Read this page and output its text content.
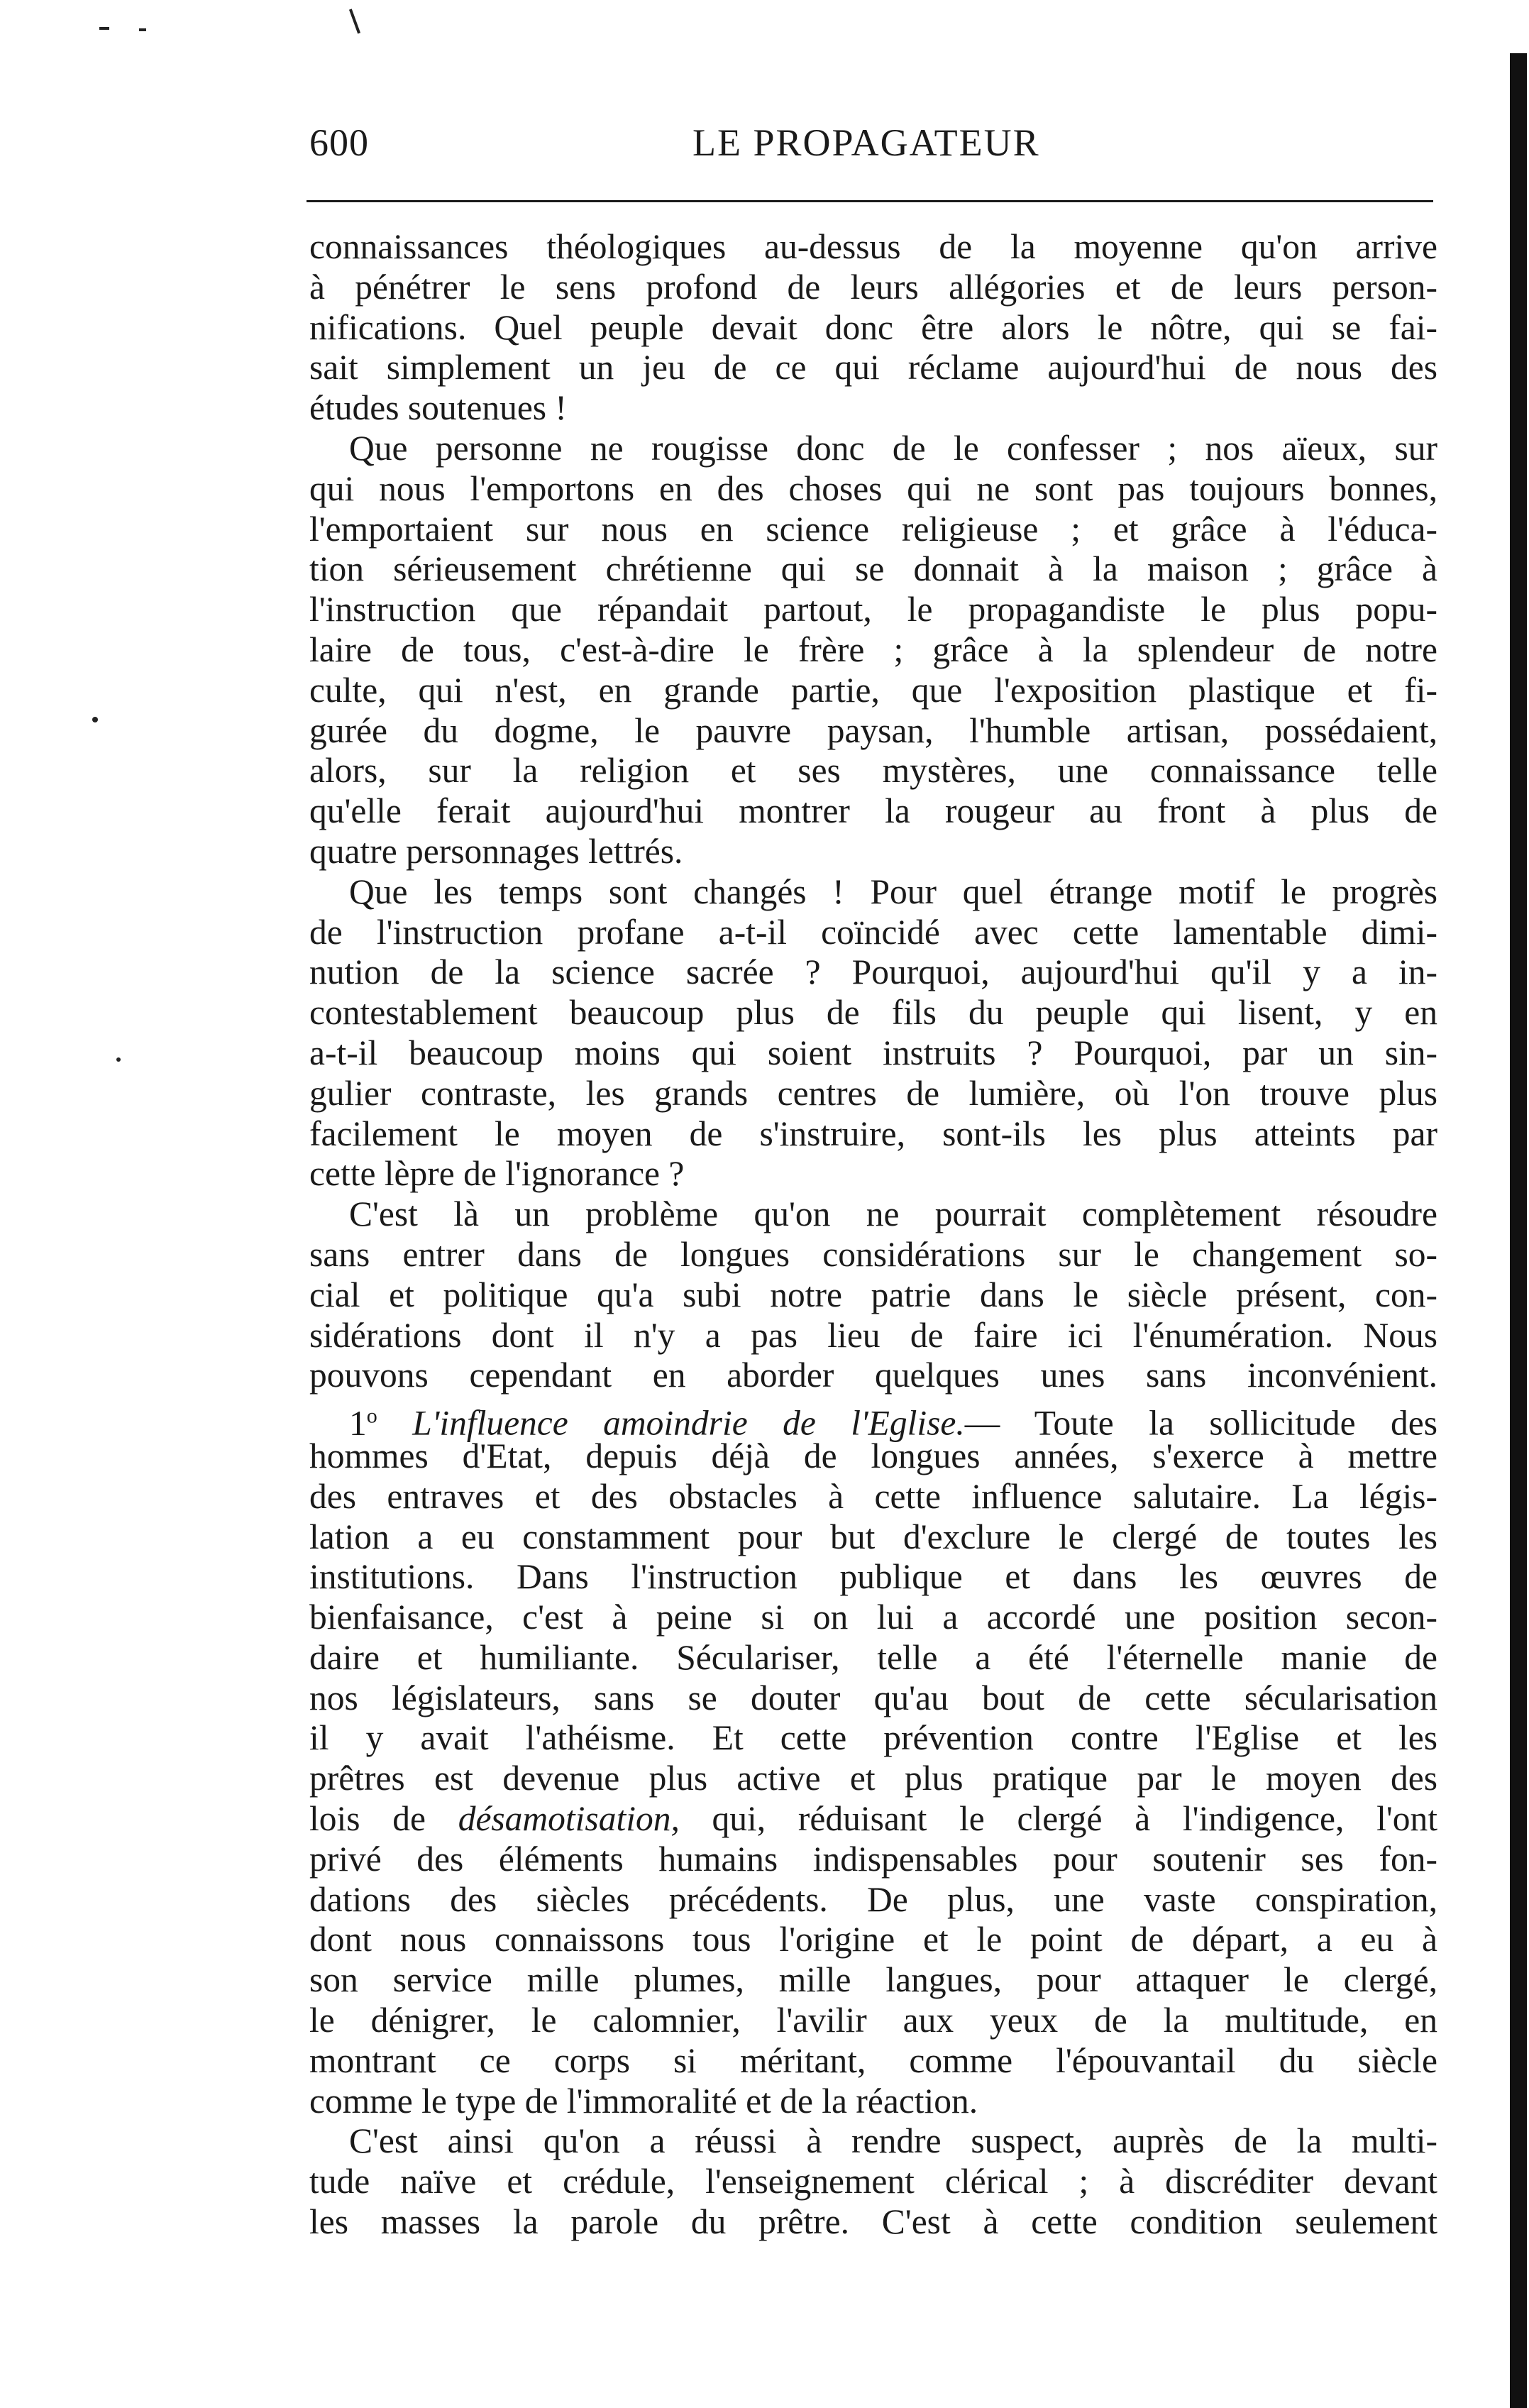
600	LE PROPAGATEUR
connaissances théologiques au-dessus de la moyenne qu'on arrive
à pénétrer le sens profond de leurs allégories et de leurs person-
nifications. Quel peuple devait donc être alors le nôtre, qui se fai-
sait simplement un jeu de ce qui réclame aujourd'hui de nous des
études soutenues !
Que personne ne rougisse donc de le confesser ; nos aïeux, sur
qui nous l'emportons en des choses qui ne sont pas toujours bonnes,
l'emportaient sur nous en science religieuse ; et grâce à l'éduca-
tion sérieusement chrétienne qui se donnait à la maison ; grâce à
l'instruction que répandait partout, le propagandiste le plus popu-
laire de tous, c'est-à-dire le frère ; grâce à la splendeur de notre
culte, qui n'est, en grande partie, que l'exposition plastique et fi-
gurée du dogme, le pauvre paysan, l'humble artisan, possédaient,
alors, sur la religion et ses mystères, une connaissance telle
qu'elle ferait aujourd'hui montrer la rougeur au front à plus de
quatre personnages lettrés.
Que les temps sont changés ! Pour quel étrange motif le progrès
de l'instruction profane a-t-il coïncidé avec cette lamentable dimi-
nution de la science sacrée ? Pourquoi, aujourd'hui qu'il y a in-
contestablement beaucoup plus de fils du peuple qui lisent, y en
a-t-il beaucoup moins qui soient instruits ? Pourquoi, par un sin-
gulier contraste, les grands centres de lumière, où l'on trouve plus
facilement le moyen de s'instruire, sont-ils les plus atteints par
cette lèpre de l'ignorance ?
C'est là un problème qu'on ne pourrait complètement résoudre
sans entrer dans de longues considérations sur le changement so-
cial et politique qu'a subi notre patrie dans le siècle présent, con-
sidérations dont il n'y a pas lieu de faire ici l'énumération. Nous
pouvons cependant en aborder quelques unes sans inconvénient.
1$^o$ L'influence amoindrie de l'Eglise.— Toute la sollicitude des
hommes d'Etat, depuis déjà de longues années, s'exerce à mettre
des entraves et des obstacles à cette influence salutaire. La légis-
lation a eu constamment pour but d'exclure le clergé de toutes les
institutions. Dans l'instruction publique et dans les œuvres de
bienfaisance, c'est à peine si on lui a accordé une position secon-
daire et humiliante. Séculariser, telle a été l'éternelle manie de
nos législateurs, sans se douter qu'au bout de cette sécularisation
il y avait l'athéisme. Et cette prévention contre l'Eglise et les
prêtres est devenue plus active et plus pratique par le moyen des
lois de désamotisation, qui, réduisant le clergé à l'indigence, l'ont
privé des éléments humains indispensables pour soutenir ses fon-
dations des siècles précédents. De plus, une vaste conspiration,
dont nous connaissons tous l'origine et le point de départ, a eu à
son service mille plumes, mille langues, pour attaquer le clergé,
le dénigrer, le calomnier, l'avilir aux yeux de la multitude, en
montrant ce corps si méritant, comme l'épouvantail du siècle
comme le type de l'immoralité et de la réaction.
C'est ainsi qu'on a réussi à rendre suspect, auprès de la multi-
tude naïve et crédule, l'enseignement clérical ; à discréditer devant
les masses la parole du prêtre. C'est à cette condition seulement
